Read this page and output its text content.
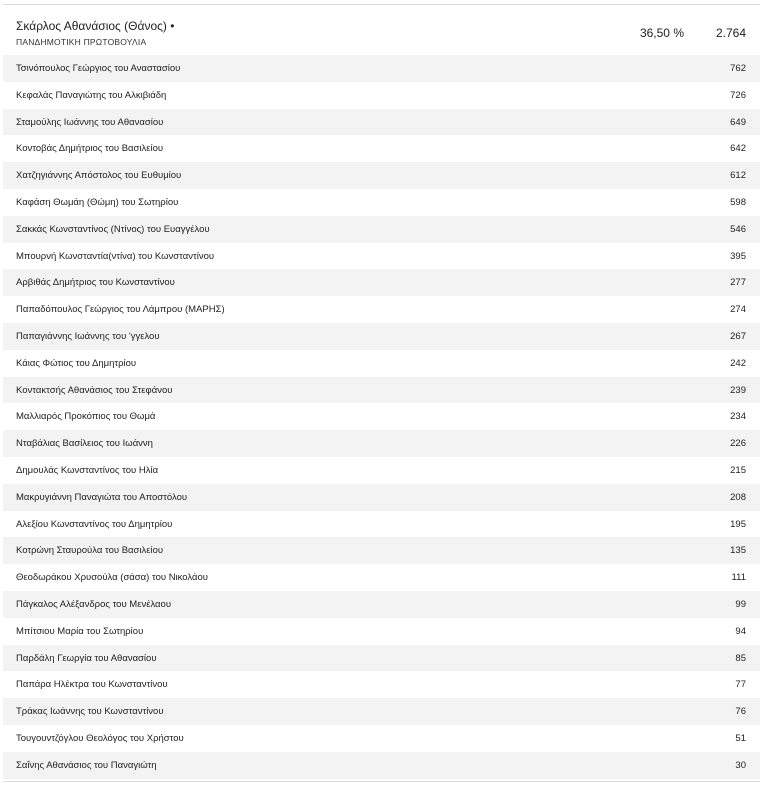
Σκάρλος Αθανάσιος (Θάνος) •
ΠΑΝΔΗΜΟΤΙΚΗ ΠΡΩΤΟΒΟΥΛΙΑ
36,50 %	2.764
Τσινόπουλος Γεώργιος του Αναστασίου	762
Κεφαλάς Παναγιώτης του Αλκιβιάδη	726
Σταμούλης Ιωάννης του Αθανασίου	649
Κοντοβάς Δημήτριος του Βασιλείου	642
Χατζηγιάννης Απόστολος του Ευθυμίου	612
Καφάση Θωμάη (Θώμη) του Σωτηρίου	598
Σακκάς Κωνσταντίνος (Ντίνος) του Ευαγγέλου	546
Μπουρνή Κωνσταντία(ντίνα) του Κωνσταντίνου	395
Αρβιθάς Δημήτριος του Κωνσταντίνου	277
Παπαδόπουλος Γεώργιος του Λάμπρου (ΜΑΡΗΣ)	274
Παπαγιάννης Ιωάννης του 'γγελου	267
Κάιας Φώτιος του Δημητρίου	242
Κοντακτσής Αθανάσιος του Στεφάνου	239
Μαλλιαρός Προκόπιος του Θωμά	234
Νταβάλιας Βασίλειος του Ιωάννη	226
Δημουλάς Κωνσταντίνος του Ηλία	215
Μακρυγιάννη Παναγιώτα του Αποστόλου	208
Αλεξίου Κωνσταντίνος του Δημητρίου	195
Κοτρώνη Σταυρούλα του Βασιλείου	135
Θεοδωράκου Χρυσούλα (σάσα) του Νικολάου	111
Πάγκαλος Αλέξανδρος του Μενέλαου	99
Μπίτσιου Μαρία του Σωτηρίου	94
Παρδάλη Γεωργία του Αθανασίου	85
Παπάρα Ηλέκτρα του Κωνσταντίνου	77
Τράκας Ιωάννης του Κωνσταντίνου	76
Τουγουντζόγλου Θεολόγος του Χρήστου	51
Σαΐνης Αθανάσιος του Παναγιώτη	30
